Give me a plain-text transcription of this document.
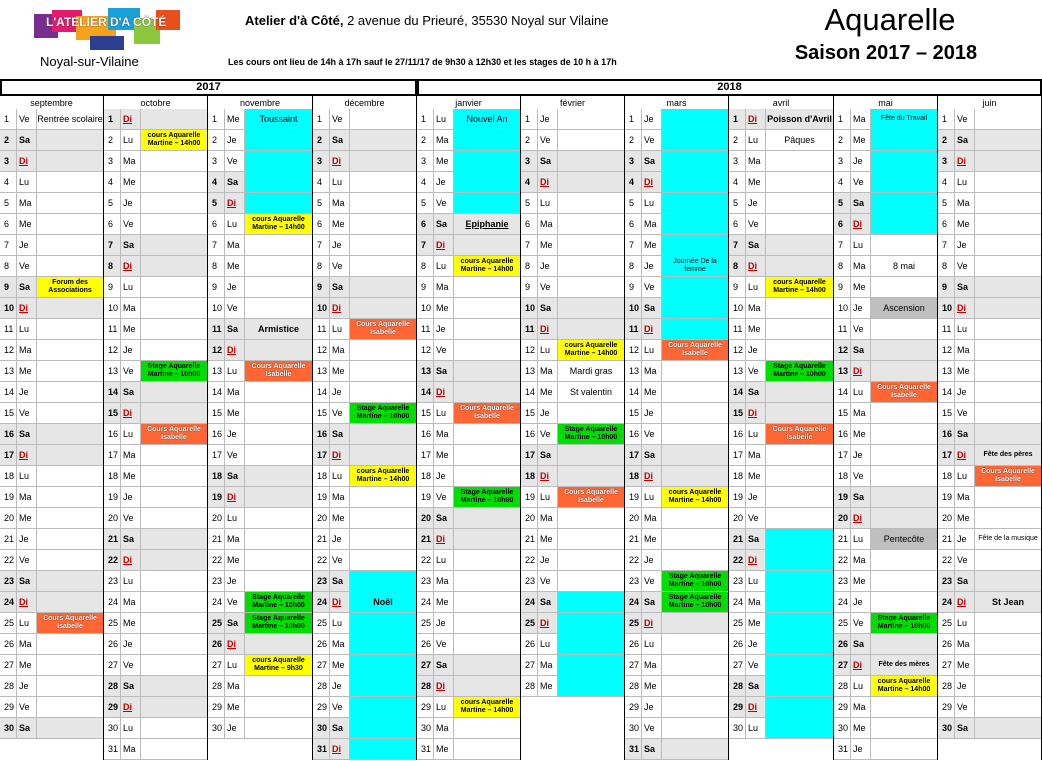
L'ATELIER D'A CÔTÉ
Noyal-sur-Vilaine
Atelier d'à Côté, 2 avenue du Prieuré, 35530 Noyal sur Vilaine	Aquarelle
Saison 2017 – 2018
Les cours ont lieu de 14h à 17h sauf le 27/11/17 de 9h30 à 12h30 et les stages de 10 h à 17h
2017	2018
septembre
1	Ve Rentrée scolaire
2	Sa
3	Di
4	Lu
5	Ma
6	Me
7	Je
8	Ve
9	Sa	Forum des Associations
10 Di
11 Lu
12 Ma
13 Me
14 Je
15 Ve
16 Sa
17 Di
18 Lu
19 Ma
20 Me
21 Je
22 Ve
23 Sa
24 Di
25 Lu	Cours Aquarelle Isabelle
26 Ma
27 Me
28 Je
29 Ve
30 Sa
octobre
1	Di
2	Lu	cours Aquarelle Martine – 14h00
3	Ma
4	Me
5	Je
6	Ve
7	Sa
8	Di
9	Lu
10 Ma
11 Me
12 Je
13 Ve	Stage Aquarelle Martine – 10h00
14 Sa
15 Di
16 Lu	Cours Aquarelle Isabelle
17 Ma
18 Me
19 Je
20 Ve
21 Sa
22 Di
23 Lu
24 Ma
25 Me
26 Je
27 Ve
28 Sa
29 Di
30 Lu
31 Ma
novembre
1	Me	Toussaint
2	Je
3	Ve
4	Sa
5	Di
6	Lu	cours Aquarelle Martine – 14h00
7	Ma
8	Me
9	Je
10 Ve
11 Sa	Armistice
12 Di
13 Lu	Cours Aquarelle Isabelle
14 Ma
15 Me
16 Je
17 Ve
18 Sa
19 Di
20 Lu
21 Ma
22 Me
23 Je
24 Ve	Stage Aquarelle Martine – 10h00
25 Sa	Stage Aquarelle Martine – 10h00
26 Di
27 Lu	cours Aquarelle Martine – 9h30
28 Ma
29 Me
30 Je
décembre
1	Ve
2	Sa
3	Di
4	Lu
5	Ma
6	Me
7	Je
8	Ve
9	Sa
10 Di
11 Lu	Cours Aquarelle Isabelle
12 Ma
13 Me
14 Je
15 Ve	Stage Aquarelle Martine – 10h00
16 Sa
17 Di
18 Lu	cours Aquarelle Martine – 14h00
19 Ma
20 Me
21 Je
22 Ve
23 Sa
24 Di	Noël
25 Lu
26 Ma
27 Me
28 Je
29 Ve
30 Sa
31 Di
janvier
1	Lu	Nouvel An
2	Ma
3	Me
4	Je
5	Ve
6	Sa	Epiphanie
7	Di
8	Lu	cours Aquarelle Martine – 14h00
9	Ma
10 Me
11 Je
12 Ve
13 Sa
14 Di
15 Lu	Cours Aquarelle Isabelle
16 Ma
17 Me
18 Je
19 Ve	Stage Aquarelle Martine – 10h00
20 Sa
21 Di
22 Lu
23 Ma
24 Me
25 Je
26 Ve
27 Sa
28 Di
29 Lu	cours Aquarelle Martine – 14h00
30 Ma
31 Me
février
1	Je
2	Ve
3	Sa
4	Di
5	Lu
6	Ma
7	Me
8	Je
9	Ve
10 Sa
11 Di
12 Lu	cours Aquarelle Martine – 14h00
13 Ma	Mardi gras
14 Me	St valentin
15 Je
16 Ve	Stage Aquarelle Martine – 10h00
17 Sa
18 Di
19 Lu	Cours Aquarelle Isabelle
20 Ma
21 Me
22 Je
23 Ve
24 Sa
25 Di
26 Lu
27 Ma
28 Me
mars
1	Je
2	Ve
3	Sa
4	Di
5	Lu
6	Ma
7	Me
8	Je	Journée De la femme
9	Ve
10 Sa
11 Di
12 Lu	Cours Aquarelle Isabelle
13 Ma
14 Me
15 Je
16 Ve
17 Sa
18 Di
19 Lu	cours Aquarelle Martine – 14h00
20 Ma
21 Me
22 Je
23 Ve	Stage Aquarelle Martine – 10h00
24 Sa	Stage Aquarelle Martine – 10h00
25 Di
26 Lu
27 Ma
28 Me
29 Je
30 Ve
31 Sa
avril
1	Di	Poisson d'Avril
2	Lu	Pâques
3	Ma
4	Me
5	Je
6	Ve
7	Sa
8	Di
9	Lu	cours Aquarelle Martine – 14h00
10 Ma
11 Me
12 Je
13 Ve	Stage Aquarelle Martine – 10h00
14 Sa
15 Di
16 Lu	Cours Aquarelle Isabelle
17 Ma
18 Me
19 Je
20 Ve
21 Sa
22 Di
23 Lu
24 Ma
25 Me
26 Je
27 Ve
28 Sa
29 Di
30 Lu
mai
1	Ma	Fête du Travail
2	Me
3	Je
4	Ve
5	Sa
6	Di
7	Lu
8	Ma	8 mai
9	Me
10 Je	Ascension
11 Ve
12 Sa
13 Di
14 Lu	Cours Aquarelle Isabelle
15 Ma
16 Me
17 Je
18 Ve
19 Sa
20 Di
21 Lu	Pentecôte
22 Ma
23 Me
24 Je
25 Ve	Stage Aquarelle Martine – 10h00
26 Sa
27 Di	Fête des mères
28 Lu	cours Aquarelle Martine – 14h00
29 Ma
30 Me
31 Je
juin
1	Ve
2	Sa
3	Di
4	Lu
5	Ma
6	Me
7	Je
8	Ve
9	Sa
10 Di
11 Lu
12 Ma
13 Me
14 Je
15 Ve
16 Sa
17 Di	Fête des pères
18 Lu	Cours Aquarelle Isabelle
19 Ma
20 Me
21 Je	Fête de la musique
22 Ve
23 Sa
24 Di	St Jean
25 Lu
26 Ma
27 Me
28 Je
29 Ve
30 Sa
